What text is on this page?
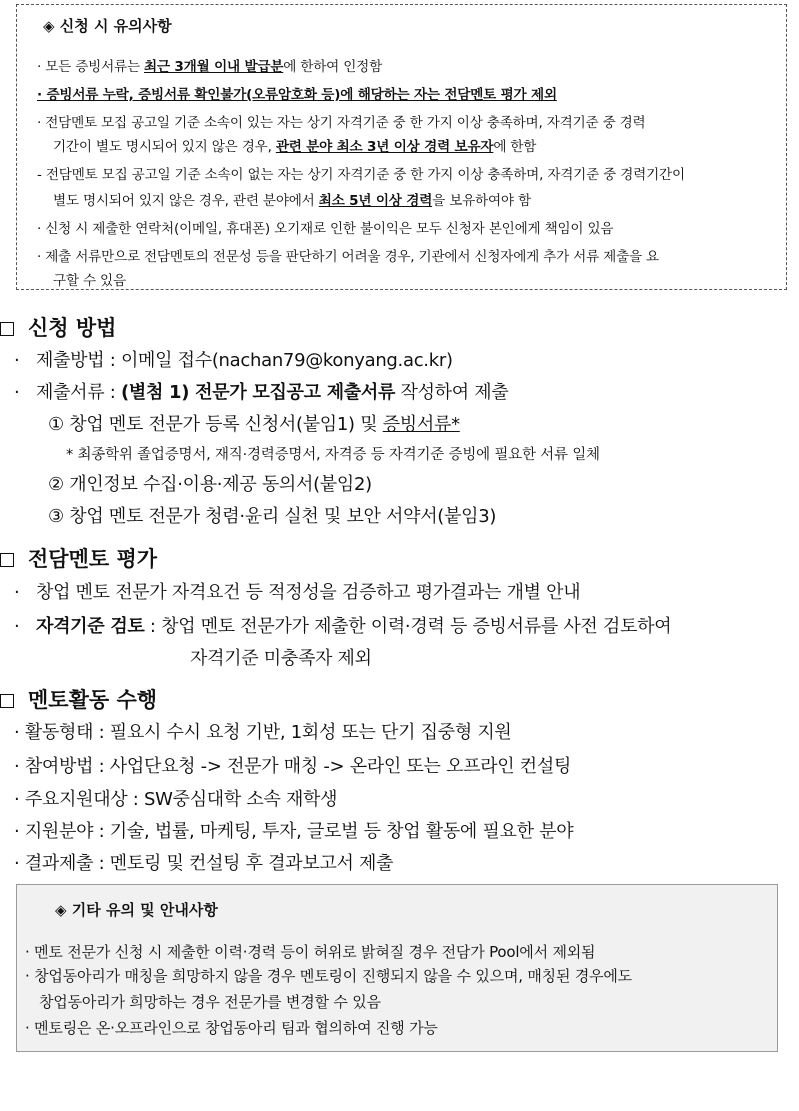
◈ 신청 시 유의사항
· 모든 증빙서류는 최근 3개월 이내 발급분에 한하여 인정함
· 증빙서류 누락, 증빙서류 확인불가(오류암호화 등)에 해당하는 자는 전담멘토 평가 제외
· 전담멘토 모집 공고일 기준 소속이 있는 자는 상기 자격기준 중 한 가지 이상 충족하며, 자격기준 중 경력
기간이 별도 명시되어 있지 않은 경우, 관련 분야 최소 3년 이상 경력 보유자에 한함
- 전담멘토 모집 공고일 기준 소속이 없는 자는 상기 자격기준 중 한 가지 이상 충족하며, 자격기준 중 경력기간이
별도 명시되어 있지 않은 경우, 관련 분야에서 최소 5년 이상 경력을 보유하여야 함
· 신청 시 제출한 연락처(이메일, 휴대폰) 오기재로 인한 불이익은 모두 신청자 본인에게 책임이 있음
· 제출 서류만으로 전담멘토의 전문성 등을 판단하기 어려울 경우, 기관에서 신청자에게 추가 서류 제출을 요
구할 수 있음
신청 방법
· 제출방법 : 이메일 접수(nachan79@konyang.ac.kr)
· 제출서류 : (별첨 1) 전문가 모집공고 제출서류 작성하여 제출
① 창업 멘토 전문가 등록 신청서(붙임1) 및 증빙서류*
* 최종학위 졸업증명서, 재직·경력증명서, 자격증 등 자격기준 증빙에 필요한 서류 일체
② 개인정보 수집·이용·제공 동의서(붙임2)
③ 창업 멘토 전문가 청렴·윤리 실천 및 보안 서약서(붙임3)
전담멘토 평가
· 창업 멘토 전문가 자격요건 등 적정성을 검증하고 평가결과는 개별 안내
· 자격기준 검토 : 창업 멘토 전문가가 제출한 이력·경력 등 증빙서류를 사전 검토하여
자격기준 미충족자 제외
멘토활동 수행
· 활동형태 : 필요시 수시 요청 기반, 1회성 또는 단기 집중형 지원
· 참여방법 : 사업단요청 -> 전문가 매칭 -> 온라인 또는 오프라인 컨설팅
· 주요지원대상 : SW중심대학 소속 재학생
· 지원분야 : 기술, 법률, 마케팅, 투자, 글로벌 등 창업 활동에 필요한 분야
· 결과제출 : 멘토링 및 컨설팅 후 결과보고서 제출
◈ 기타 유의 및 안내사항
· 멘토 전문가 신청 시 제출한 이력·경력 등이 허위로 밝혀질 경우 전담가 Pool에서 제외됨
· 창업동아리가 매칭을 희망하지 않을 경우 멘토링이 진행되지 않을 수 있으며, 매칭된 경우에도
창업동아리가 희망하는 경우 전문가를 변경할 수 있음
· 멘토링은 온·오프라인으로 창업동아리 팀과 협의하여 진행 가능
